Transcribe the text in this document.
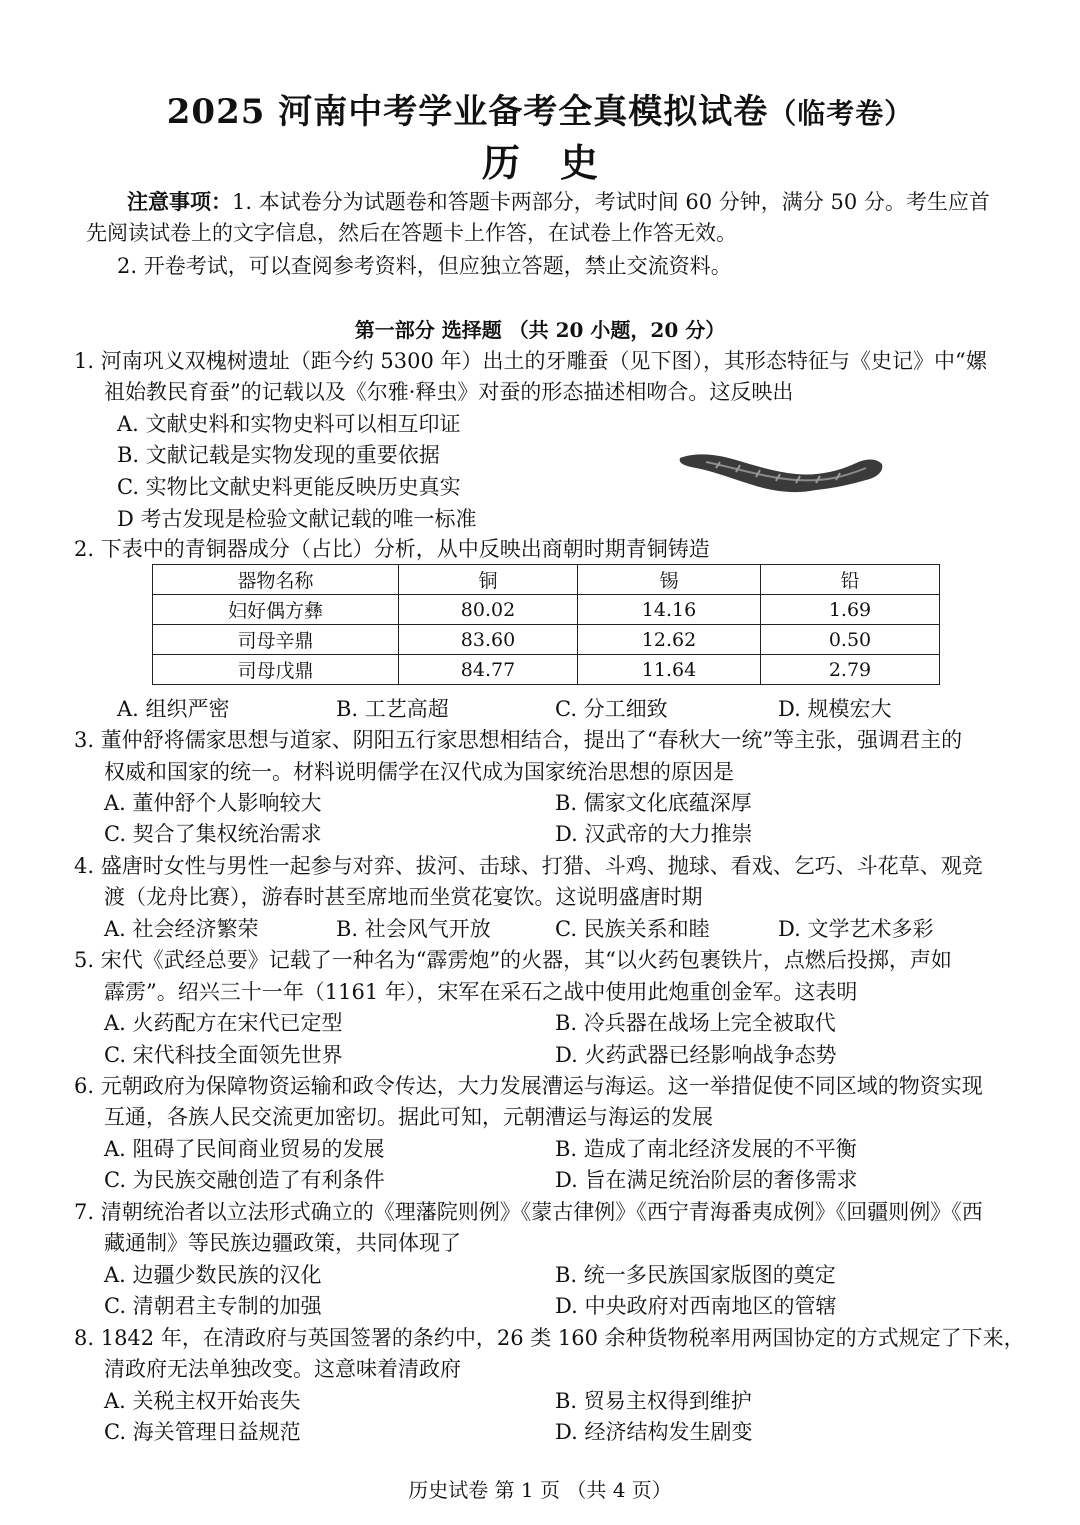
2025 河南中考学业备考全真模拟试卷（临考卷）
历史
注意事项：1. 本试卷分为试题卷和答题卡两部分，考试时间 60 分钟，满分 50 分。考生应首
先阅读试卷上的文字信息，然后在答题卡上作答，在试卷上作答无效。
2. 开卷考试，可以查阅参考资料，但应独立答题，禁止交流资料。
第一部分 选择题 （共 20 小题，20 分）
1. 河南巩义双槐树遗址（距今约 5300 年）出土的牙雕蚕（见下图），其形态特征与《史记》中“嫘
祖始教民育蚕”的记载以及《尔雅·释虫》对蚕的形态描述相吻合。这反映出
A. 文献史料和实物史料可以相互印证
B. 文献记载是实物发现的重要依据
C. 实物比文献史料更能反映历史真实
D 考古发现是检验文献记载的唯一标准
2. 下表中的青铜器成分（占比）分析，从中反映出商朝时期青铜铸造
器物名称	铜	锡	铅
妇好偶方彝	80.02	14.16	1.69
司母辛鼎	83.60	12.62	0.50
司母戊鼎	84.77	11.64	2.79
A. 组织严密	B. 工艺高超	C. 分工细致	D. 规模宏大
3. 董仲舒将儒家思想与道家、阴阳五行家思想相结合，提出了“春秋大一统”等主张，强调君主的
权威和国家的统一。材料说明儒学在汉代成为国家统治思想的原因是
A. 董仲舒个人影响较大	B. 儒家文化底蕴深厚
C. 契合了集权统治需求	D. 汉武帝的大力推崇
4. 盛唐时女性与男性一起参与对弈、拔河、击球、打猎、斗鸡、抛球、看戏、乞巧、斗花草、观竞
渡（龙舟比赛），游春时甚至席地而坐赏花宴饮。这说明盛唐时期
A. 社会经济繁荣	B. 社会风气开放	C. 民族关系和睦	D. 文学艺术多彩
5. 宋代《武经总要》记载了一种名为“霹雳炮”的火器，其“以火药包裹铁片，点燃后投掷，声如
霹雳”。绍兴三十一年（1161 年），宋军在采石之战中使用此炮重创金军。这表明
A. 火药配方在宋代已定型	B. 冷兵器在战场上完全被取代
C. 宋代科技全面领先世界	D. 火药武器已经影响战争态势
6. 元朝政府为保障物资运输和政令传达，大力发展漕运与海运。这一举措促使不同区域的物资实现
互通，各族人民交流更加密切。据此可知，元朝漕运与海运的发展
A. 阻碍了民间商业贸易的发展	B. 造成了南北经济发展的不平衡
C. 为民族交融创造了有利条件	D. 旨在满足统治阶层的奢侈需求
7. 清朝统治者以立法形式确立的《理藩院则例》《蒙古律例》《西宁青海番夷成例》《回疆则例》《西
藏通制》等民族边疆政策，共同体现了
A. 边疆少数民族的汉化	B. 统一多民族国家版图的奠定
C. 清朝君主专制的加强	D. 中央政府对西南地区的管辖
8. 1842 年，在清政府与英国签署的条约中，26 类 160 余种货物税率用两国协定的方式规定了下来，
清政府无法单独改变。这意味着清政府
A. 关税主权开始丧失	B. 贸易主权得到维护
C. 海关管理日益规范	D. 经济结构发生剧变
历史试卷 第 1 页 （共 4 页）
